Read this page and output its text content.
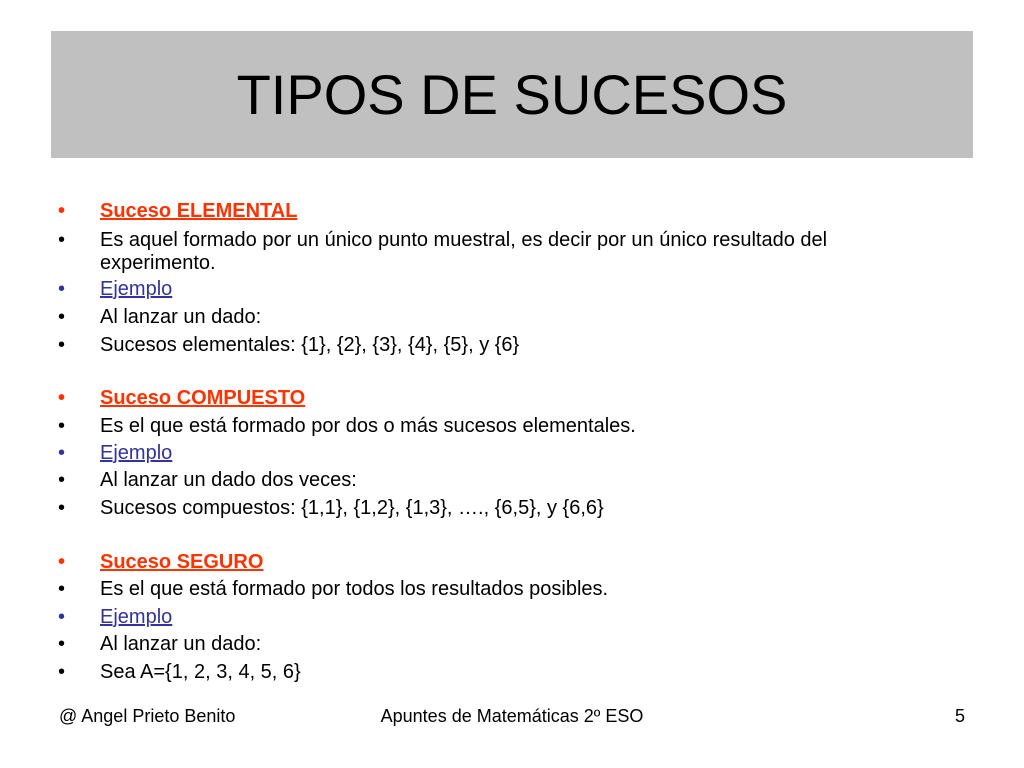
TIPOS DE SUCESOS
•	Suceso ELEMENTAL
•	Es aquel formado por un único punto muestral, es decir por un único resultado del experimento.
•	Ejemplo
•	Al lanzar un dado:
•	Sucesos elementales: {1}, {2}, {3}, {4}, {5}, y {6}
•	Suceso COMPUESTO
•	Es el que está formado por dos o más sucesos elementales.
•	Ejemplo
•	Al lanzar un dado dos veces:
•	Sucesos compuestos: {1,1}, {1,2}, {1,3}, …., {6,5}, y {6,6}
•	Suceso SEGURO
•	Es el que está formado por todos los resultados posibles.
•	Ejemplo
•	Al lanzar un dado:
•	Sea A={1, 2, 3, 4, 5, 6}
@ Angel Prieto Benito	Apuntes de Matemáticas 2º ESO	5
